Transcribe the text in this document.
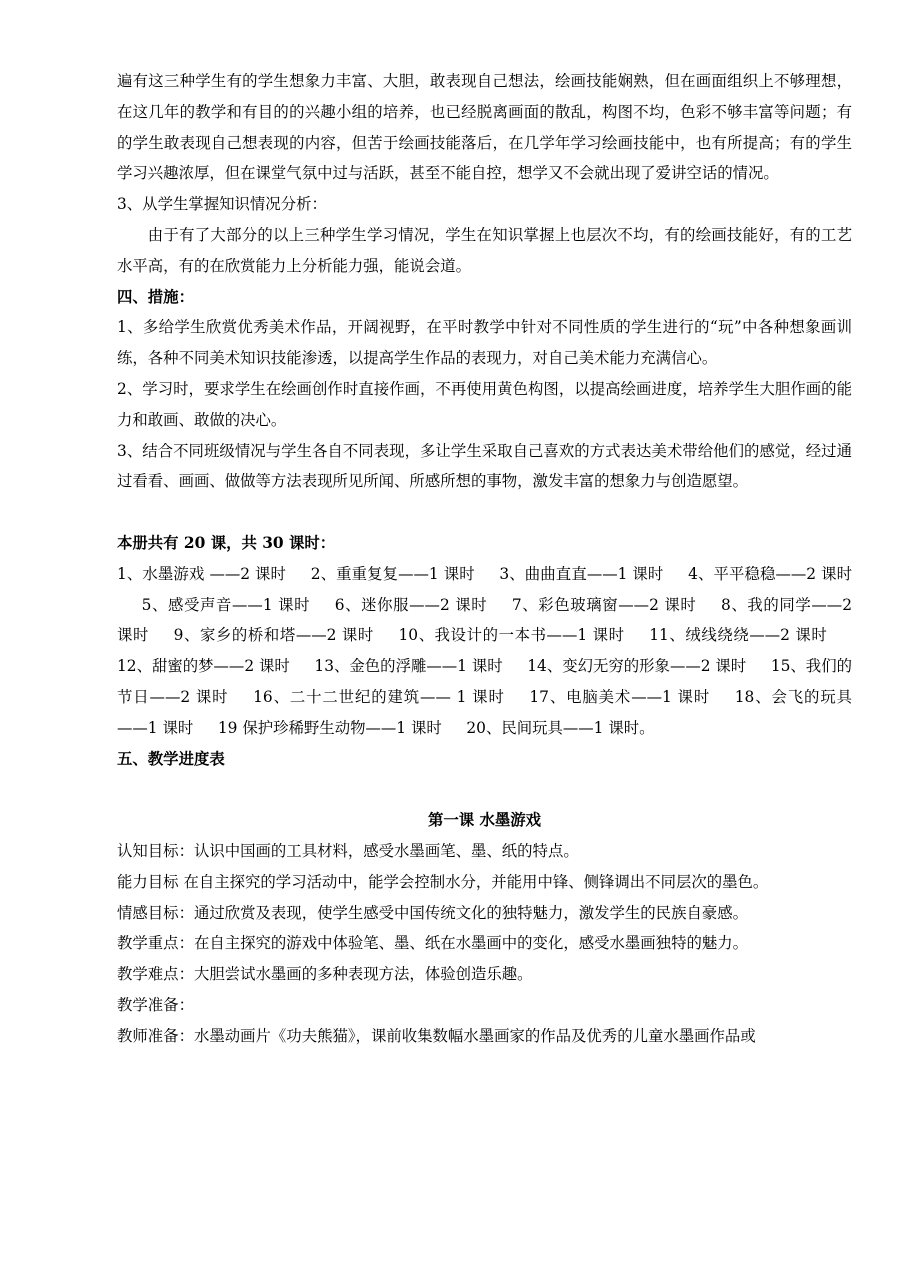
遍有这三种学生有的学生想象力丰富、大胆，敢表现自己想法，绘画技能娴熟，但在画面组织上不够理想，在这几年的教学和有目的的兴趣小组的培养，也已经脱离画面的散乱，构图不均，色彩不够丰富等问题；有的学生敢表现自己想表现的内容，但苦于绘画技能落后，在几学年学习绘画技能中，也有所提高；有的学生学习兴趣浓厚，但在课堂气氛中过与活跃，甚至不能自控，想学又不会就出现了爱讲空话的情况。

3、从学生掌握知识情况分析：

由于有了大部分的以上三种学生学习情况，学生在知识掌握上也层次不均，有的绘画技能好，有的工艺水平高，有的在欣赏能力上分析能力强，能说会道。

四、措施：

1、多给学生欣赏优秀美术作品，开阔视野，在平时教学中针对不同性质的学生进行的“玩”中各种想象画训练，各种不同美术知识技能渗透，以提高学生作品的表现力，对自己美术能力充满信心。

2、学习时，要求学生在绘画创作时直接作画，不再使用黄色构图，以提高绘画进度，培养学生大胆作画的能力和敢画、敢做的决心。

3、结合不同班级情况与学生各自不同表现，多让学生采取自己喜欢的方式表达美术带给他们的感觉，经过通过看看、画画、做做等方法表现所见所闻、所感所想的事物，激发丰富的想象力与创造愿望。

本册共有 20 课，共 30 课时：

1、水墨游戏 ——2 课时 2、重重复复——1 课时 3、曲曲直直——1 课时 4、平平稳稳——2 课时5、感受声音——1 课时 6、迷你服——2 课时 7、彩色玻璃窗——2 课时 8、我的同学——2 课时 9、家乡的桥和塔——2 课时 10、我设计的一本书——1 课时 11、绒线绕绕——2 课时12、甜蜜的梦——2 课时 13、金色的浮雕——1 课时 14、变幻无穷的形象——2 课时 15、我们的节日——2 课时 16、二十二世纪的建筑—— 1 课时 17、电脑美术——1 课时 18、会飞的玩具——1 课时 19 保护珍稀野生动物——1 课时 20、民间玩具——1 课时。

五、教学进度表

第一课 水墨游戏

认知目标：认识中国画的工具材料，感受水墨画笔、墨、纸的特点。

能力目标 在自主探究的学习活动中，能学会控制水分，并能用中锋、侧锋调出不同层次的墨色。

情感目标：通过欣赏及表现，使学生感受中国传统文化的独特魅力，激发学生的民族自豪感。

教学重点：在自主探究的游戏中体验笔、墨、纸在水墨画中的变化，感受水墨画独特的魅力。

教学难点：大胆尝试水墨画的多种表现方法，体验创造乐趣。

教学准备：

教师准备：水墨动画片《功夫熊猫》，课前收集数幅水墨画家的作品及优秀的儿童水墨画作品或
